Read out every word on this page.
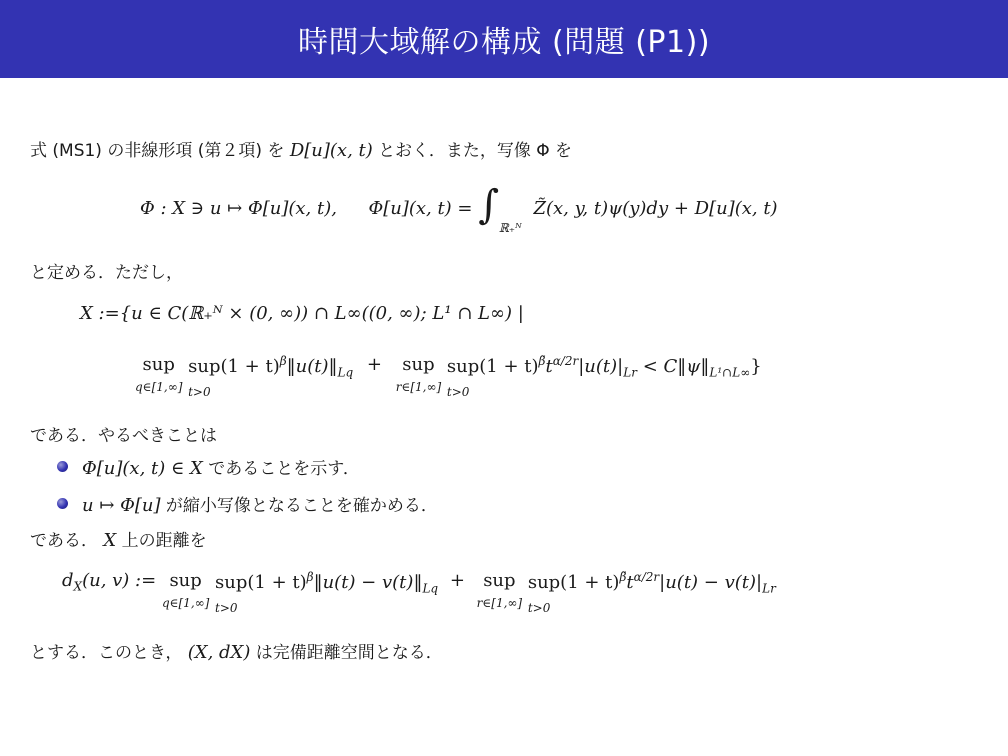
時間大域解の構成 (問題 (P1))
式 (MS1) の非線形項 (第２項) を D[u](x, t) とおく．また，写像 Φ を
Φ : X ∋ u ↦ Φ[u](x, t), Φ[u](x, t) = ∫ $_{ℝ_+ᴺ}$ Z̃(x, y, t)ψ(y)dy + D[u](x, t)
と定める．ただし，
X :={u ∈ C(ℝ₊ᴺ × (0, ∞)) ∩ L∞((0, ∞); L¹ ∩ L∞) |
sup
q∈[1,∞] $sup(1 + t)^\beta‖u(t)‖_{Lq}$
t>0 + sup
r∈[1,∞] $sup(1 + t)^{\betã}t^{\alpha/2r}|u(t)|_{Lr}$ < $C‖\psi‖_{L^1\cap L\infty}$}
t>0
である．やるべきことは
Φ[u](x, t) ∈ X であることを示す．
u ↦ Φ[u] が縮小写像となることを確かめる．
である． X 上の距離を
$d_X(u$, v) := sup
q∈[1,∞] $sup(1 + t)^\beta‖u(t)$ − $v(t)‖_{Lq}$
t>0 + sup
r∈[1,∞] $sup(1 + t)^{\betã}t^{\alpha/2r}|u(t) - v(t)|_{Lr}$
t>0
とする．このとき， (X, dX) は完備距離空間となる．
